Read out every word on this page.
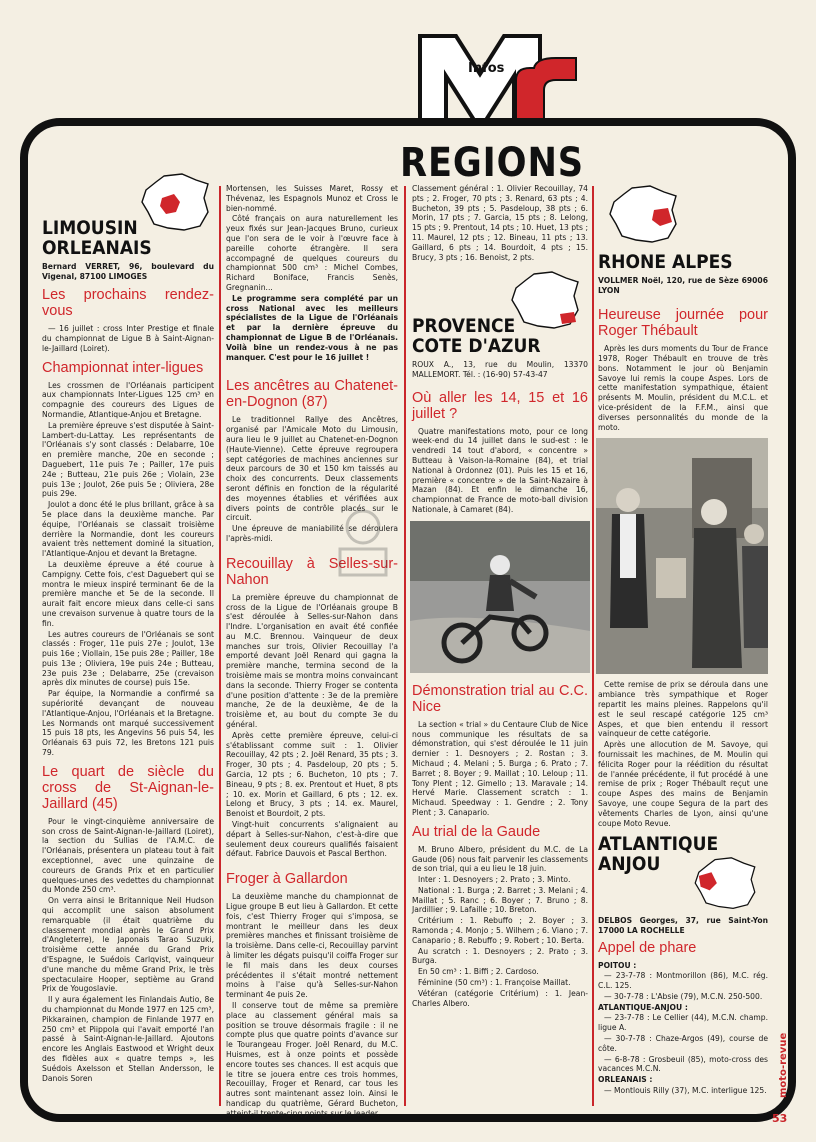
Infos
REGIONS
LIMOUSIN
ORLEANAIS
Bernard VERRET, 96, boulevard du Vigenal, 87100 LIMOGES
Les prochains rendez-vous

— 16 juillet : cross Inter Prestige et finale du championnat de Ligue B à Saint-Aignan-le-Jaillard (Loiret).

Championnat inter-ligues

Les crossmen de l'Orléanais participent aux championnats Inter-Ligues 125 cm³ en compagnie des coureurs des Ligues de Normandie, Atlantique-Anjou et Bretagne.

La première épreuve s'est disputée à Saint-Lambert-du-Lattay. Les représentants de l'Orléanais s'y sont classés : Delabarre, 10e en première manche, 20e en seconde ; Daguebert, 11e puis 7e ; Pailler, 17e puis 24e ; Butteau, 21e puis 26e ; Violain, 23e puis 13e ; Joulot, 26e puis 5e ; Oliviera, 28e puis 29e.

Joulot a donc été le plus brillant, grâce à sa 5e place dans la deuxième manche. Par équipe, l'Orléanais se classait troisième derrière la Normandie, dont les coureurs avaient très nettement dominé la situation, l'Atlantique-Anjou et devant la Bretagne.

La deuxième épreuve a été courue à Campigny. Cette fois, c'est Daguebert qui se montra le mieux inspiré terminant 6e de la première manche et 5e de la seconde. Il aurait fait encore mieux dans celle-ci sans une crevaison survenue à quatre tours de la fin.

Les autres coureurs de l'Orléanais se sont classés : Froger, 11e puis 27e ; Joulot, 13e puis 16e ; Viollain, 15e puis 28e ; Pailler, 18e puis 13e ; Oliviera, 19e puis 24e ; Butteau, 23e puis 23e ; Delabarre, 25e (crevaison après dix minutes de course) puis 15e.

Par équipe, la Normandie a confirmé sa supériorité devançant de nouveau l'Atlantique-Anjou, l'Orléanais et la Bretagne. Les Normands ont marqué successivement 15 puis 18 pts, les Angevins 56 puis 54, les Orléanais 63 puis 72, les Bretons 121 puis 79.

Le quart de siècle du cross de St-Aignan-le-Jaillard (45)

Pour le vingt-cinquième anniversaire de son cross de Saint-Aignan-le-Jaillard (Loiret), la section du Sullias de l'A.M.C. de l'Orléanais, présentera un plateau tout à fait exceptionnel, avec une quinzaine de coureurs de Grands Prix et en particulier quelques-unes des vedettes du championnat du Monde 250 cm³.

On verra ainsi le Britannique Neil Hudson qui accomplit une saison absolument remarquable (il était quatrième du classement mondial après le Grand Prix d'Angleterre), le Japonais Tarao Suzuki, troisième cette année du Grand Prix d'Espagne, le Suédois Carlqvist, vainqueur d'une manche du même Grand Prix, le très spectaculaire Hooper, septième au Grand Prix de Yougoslavie.

Il y aura également les Finlandais Autio, 8e du championnat du Monde 1977 en 125 cm³, Pikkarainen, champion de Finlande 1977 en 250 cm³ et Piippola qui l'avait emporté l'an passé à Saint-Aignan-le-Jaillard. Ajoutons encore les Anglais Eastwood et Wright deux des fidèles aux « quatre temps », les Suédois Axelsson et Stellan Andersson, le Danois Soren

Mortensen, les Suisses Maret, Rossy et Thévenaz, les Espagnols Munoz et Cross le bien-nommé.

Côté français on aura naturellement les yeux fixés sur Jean-Jacques Bruno, curieux que l'on sera de le voir à l'œuvre face à pareille cohorte étrangère. Il sera accompagné de quelques coureurs du championnat 500 cm³ : Michel Combes, Richard Boniface, Francis Senès, Gregnanin...

Le programme sera complété par un cross National avec les meilleurs spécialistes de la Ligue de l'Orléanais et par la dernière épreuve du championnat de Ligue B de l'Orléanais. Voilà bine un rendez-vous à ne pas manquer. C'est pour le 16 juillet !

Les ancêtres au Chatenet-en-Dognon (87)

Le traditionnel Rallye des Ancêtres, organisé par l'Amicale Moto du Limousin, aura lieu le 9 juillet au Chatenet-en-Dognon (Haute-Vienne). Cette épreuve regroupera sept catégories de machines anciennes sur deux parcours de 30 et 150 km taissés au choix des concurrents. Deux classements seront définis en fonction de la régularité des moyennes établies et vérifiées aux divers points de contrôle placés sur le circuit.

Une épreuve de maniabilité se déroulera l'après-midi.

Recouillay à Selles-sur-Nahon

La première épreuve du championnat de cross de la Ligue de l'Orléanais groupe B s'est déroulée à Selles-sur-Nahon dans l'Indre. L'organisation en avait été confiée au M.C. Brennou. Vainqueur de deux manches sur trois, Olivier Recouillay l'a emporté devant Joël Renard qui gagna la première manche, termina second de la troisième mais se montra moins convaincant dans la seconde. Thierry Froger se contenta d'une position d'attente : 3e de la première manche, 2e de la deuxième, 4e de la troisième et, au bout du compte 3e du général.

Après cette première épreuve, celui-ci s'établissant comme suit : 1. Olivier Recouillay, 42 pts ; 2. Joël Renard, 35 pts ; 3. Froger, 30 pts ; 4. Pasdeloup, 20 pts ; 5. Garcia, 12 pts ; 6. Bucheton, 10 pts ; 7. Bineau, 9 pts ; 8. ex. Prentout et Huet, 8 pts ; 10. ex. Morin et Gaillard, 6 pts ; 12. ex. Lelong et Brucy, 3 pts ; 14. ex. Maurel, Benoist et Bourdoit, 2 pts.

Vingt-huit concurrents s'alignaient au départ à Selles-sur-Nahon, c'est-à-dire que seulement deux coureurs qualifiés faisaient défaut. Fabrice Dauvois et Pascal Berthon.

Froger à Gallardon

La deuxième manche du championnat de Ligue groupe B eut lieu à Gallardon. Et cette fois, c'est Thierry Froger qui s'imposa, se montrant le meilleur dans les deux premières manches et finissant troisième de la troisième. Dans celle-ci, Recouillay parvint à limiter les dégats puisqu'il coiffa Froger sur le fil mais dans les deux courses précédentes il s'était montré nettement moins à l'aise qu'à Selles-sur-Nahon terminant 4e puis 2e.

Il conserve tout de même sa première place au classement général mais sa position se trouve désormais fragile : il ne compte plus que quatre points d'avance sur le Tourangeau Froger. Joël Renard, du M.C. Huismes, est à onze points et possède encore toutes ses chances. Il est acquis que le titre se jouera entre ces trois hommes, Recouillay, Froger et Renard, car tous les autres sont maintenant assez loin. Ainsi le handicap du quatrième, Gérard Bucheton, atteint-il trente-cinq points sur le leader.

Classement général : 1. Olivier Recouillay, 74 pts ; 2. Froger, 70 pts ; 3. Renard, 63 pts ; 4. Bucheton, 39 pts ; 5. Pasdeloup, 38 pts ; 6. Morin, 17 pts ; 7. Garcia, 15 pts ; 8. Lelong, 15 pts ; 9. Prentout, 14 pts ; 10. Huet, 13 pts ; 11. Maurel, 12 pts ; 12. Bineau, 11 pts ; 13. Gaillard, 6 pts ; 14. Bourdoit, 4 pts ; 15. Brucy, 3 pts ; 16. Benoist, 2 pts.

PROVENCE
COTE D'AZUR
ROUX A., 13, rue du Moulin, 13370 MALLEMORT. Tél. : (16-90) 57-43-47
Où aller les 14, 15 et 16 juillet ?

Quatre manifestations moto, pour ce long week-end du 14 juillet dans le sud-est : le vendredi 14 tout d'abord, « concentre » Butteau à Vaison-la-Romaine (84), et trial National à Ordonnez (01). Puis les 15 et 16, première « concentre » de la Saint-Nazaire à Mazan (84). Et enfin le dimanche 16, championnat de France de moto-ball division Nationale, à Camaret (84).

Démonstration trial au C.C. Nice

La section « trial » du Centaure Club de Nice nous communique les résultats de sa démonstration, qui s'est déroulée le 11 juin dernier : 1. Desnoyers ; 2. Rostan ; 3. Michaud ; 4. Melani ; 5. Burga ; 6. Prato ; 7. Barret ; 8. Boyer ; 9. Maillat ; 10. Leloup ; 11. Tony Plent ; 12. Gimello ; 13. Maravale ; 14. Hervé Marie. Classement scratch : 1. Michaud. Speedway : 1. Gendre ; 2. Tony Plent ; 3. Canapario.

Au trial de la Gaude

M. Bruno Albero, président du M.C. de La Gaude (06) nous fait parvenir les classements de son trial, qui a eu lieu le 18 juin.

Inter : 1. Desnoyers ; 2. Prato ; 3. Minto.

National : 1. Burga ; 2. Barret ; 3. Melani ; 4. Maillat ; 5. Ranc ; 6. Boyer ; 7. Bruno ; 8. Jardillier ; 9. Lafaille ; 10. Breton.

Critérium : 1. Rebuffo ; 2. Boyer ; 3. Ramonda ; 4. Monjo ; 5. Wilhem ; 6. Viano ; 7. Canapario ; 8. Rebuffo ; 9. Robert ; 10. Berta.

Au scratch : 1. Desnoyers ; 2. Prato ; 3. Burga.

En 50 cm³ : 1. Biffi ; 2. Cardoso.

Féminine (50 cm³) : 1. Françoise Maillat.

Vétéran (catégorie Critérium) : 1. Jean-Charles Albero.

RHONE ALPES
VOLLMER Noël, 120, rue de Sèze 69006 LYON
Heureuse journée pour Roger Thébault

Après les durs moments du Tour de France 1978, Roger Thébault en trouve de très bons. Notamment le jour où Benjamin Savoye lui remis la coupe Aspes. Lors de cette manifestation sympathique, étaient présents M. Moulin, président du M.C.L. et vice-président de la F.F.M., ainsi que diverses personnalités du monde de la moto.

Cette remise de prix se déroula dans une ambiance très sympathique et Roger repartit les mains pleines. Rappelons qu'il est le seul rescapé catégorie 125 cm³ Aspes, et que bien entendu il ressort vainqueur de cette catégorie.

Après une allocution de M. Savoye, qui fournissait les machines, de M. Moulin qui félicita Roger pour la réédition du résultat de l'année précédente, il fut procédé à une remise de prix ; Roger Thébault reçut une coupe Aspes des mains de Benjamin Savoye, une coupe Segura de la part des vêtements Charles de Lyon, ainsi qu'une coupe Moto Revue.

ATLANTIQUE
ANJOU
DELBOS Georges, 37, rue Saint-Yon 17000 LA ROCHELLE
Appel de phare

POITOU :

— 23-7-78 : Montmorillon (86), M.C. rég. C.L. 125.

— 30-7-78 : L'Absie (79), M.C.N. 250-500.

ATLANTIQUE-ANJOU :

— 23-7-78 : Le Cellier (44), M.C.N. champ. ligue A.

— 30-7-78 : Chaze-Argos (49), course de côte.

— 6-8-78 : Grosbeuil (85), moto-cross des vacances M.C.N.

ORLEANAIS :

— Montlouis Rilly (37), M.C. interligue 125. moto-revue
53
